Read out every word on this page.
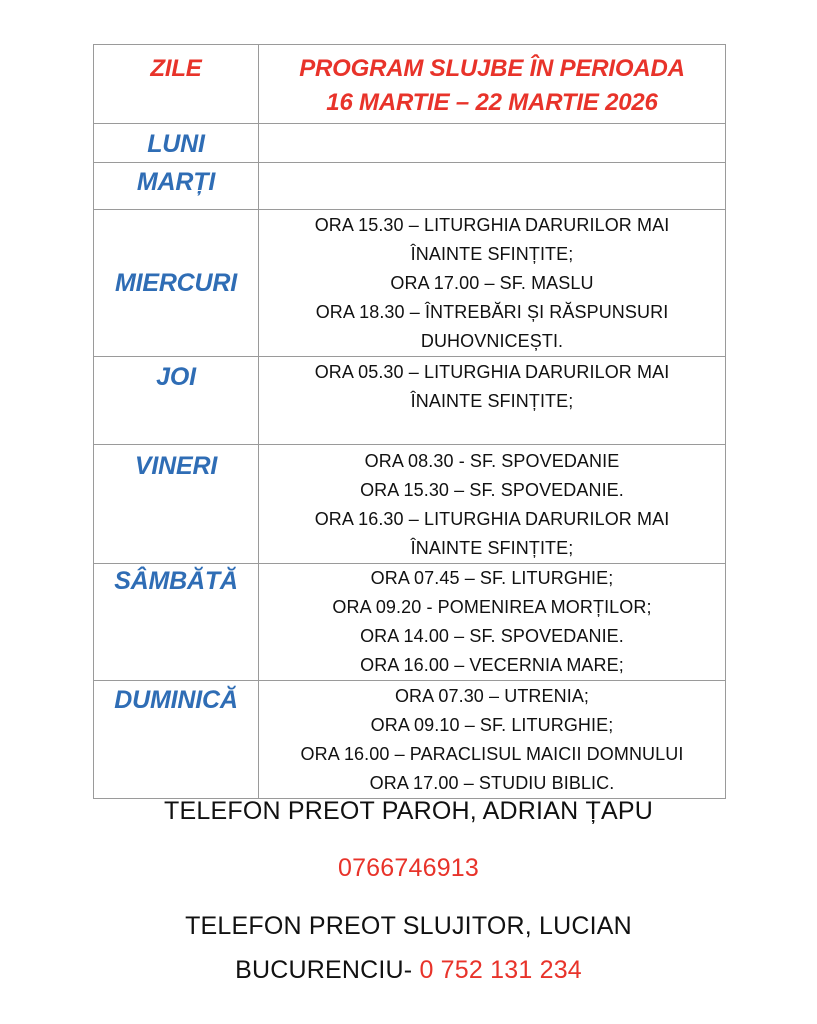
ZILE	PROGRAM SLUJBE ÎN PERIOADA
16 MARTIE – 22 MARTIE 2026

LUNI	

MARȚI	

MIERCURI	ORA 15.30 – LITURGHIA DARURILOR MAI
ÎNAINTE SFINȚITE;
ORA 17.00 – SF. MASLU
ORA 18.30 – ÎNTREBĂRI ȘI RĂSPUNSURI
DUHOVNICEȘTI.

JOI	ORA 05.30 – LITURGHIA DARURILOR MAI
ÎNAINTE SFINȚITE;

VINERI	ORA 08.30 - SF. SPOVEDANIE
ORA 15.30 – SF. SPOVEDANIE.
ORA 16.30 – LITURGHIA DARURILOR MAI
ÎNAINTE SFINȚITE;

SÂMBĂTĂ	ORA 07.45 – SF. LITURGHIE;
ORA 09.20 - POMENIREA MORȚILOR;
ORA 14.00 – SF. SPOVEDANIE.
ORA 16.00 – VECERNIA MARE;

DUMINICĂ	ORA 07.30 – UTRENIA;
ORA 09.10 – SF. LITURGHIE;
ORA 16.00 – PARACLISUL MAICII DOMNULUI
ORA 17.00 – STUDIU BIBLIC.
TELEFON PREOT PAROH, ADRIAN ȚAPU
0766746913
TELEFON PREOT SLUJITOR, LUCIAN
BUCURENCIU- 0 752 131 234
